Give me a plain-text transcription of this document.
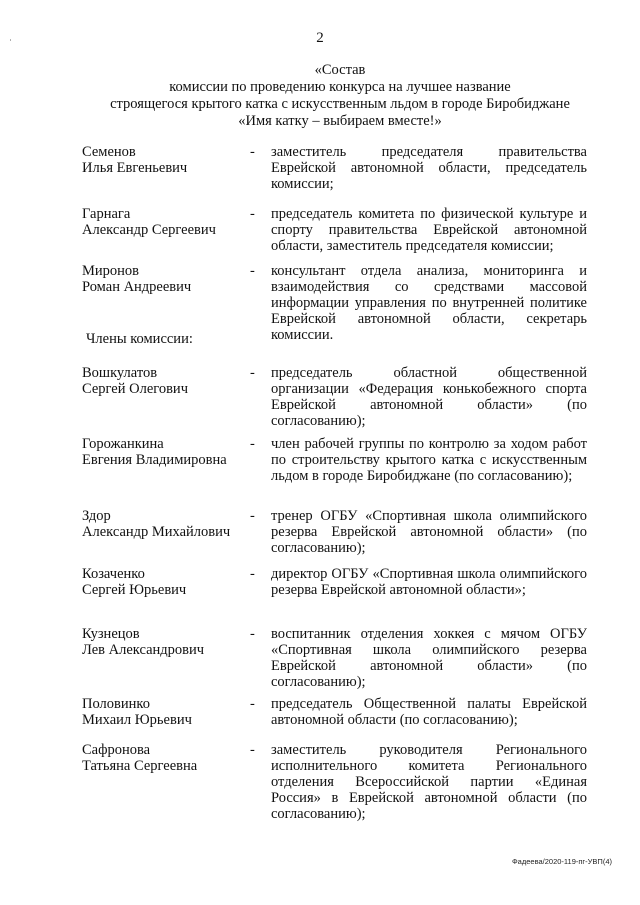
˙	2
«Состав
комиссии по проведению конкурса на лучшее название
строящегося крытого катка с искусственным льдом в городе Биробиджане
«Имя катку – выбираем вместе!»
Семенов
Илья Евгеньевич
- заместитель председателя правительства Еврейской автономной области, председатель комиссии;
Гарнага
Александр Сергеевич
- председатель комитета по физической культуре и спорту правительства Еврейской автономной области, заместитель председателя комиссии;
Миронов
Роман Андреевич
- консультант отдела анализа, мониторинга и взаимодействия со средствами массовой информации управления по внутренней политике Еврейской автономной области, секретарь комиссии.
Члены комиссии:
Вошкулатов
Сергей Олегович
- председатель областной общественной организации «Федерация конькобежного спорта Еврейской автономной области» (по согласованию);
Горожанкина
Евгения Владимировна
- член рабочей группы по контролю за ходом работ по строительству крытого катка с искусственным льдом в городе Биробиджане (по согласованию);
Здор
Александр Михайлович
- тренер ОГБУ «Спортивная школа олимпийского резерва Еврейской автономной области» (по согласованию);
Козаченко
Сергей Юрьевич
- директор ОГБУ «Спортивная школа олимпийского резерва Еврейской автономной области»;
Кузнецов
Лев Александрович
- воспитанник отделения хоккея с мячом ОГБУ «Спортивная школа олимпийского резерва Еврейской автономной области» (по согласованию);
Половинко
Михаил Юрьевич
- председатель Общественной палаты Еврейской автономной области (по согласованию);
Сафронова
Татьяна Сергеевна
- заместитель руководителя Регионального исполнительного комитета Регионального отделения Всероссийской партии «Единая Россия» в Еврейской автономной области (по согласованию);
Фадеева/2020-119-пг-УВП(4)
